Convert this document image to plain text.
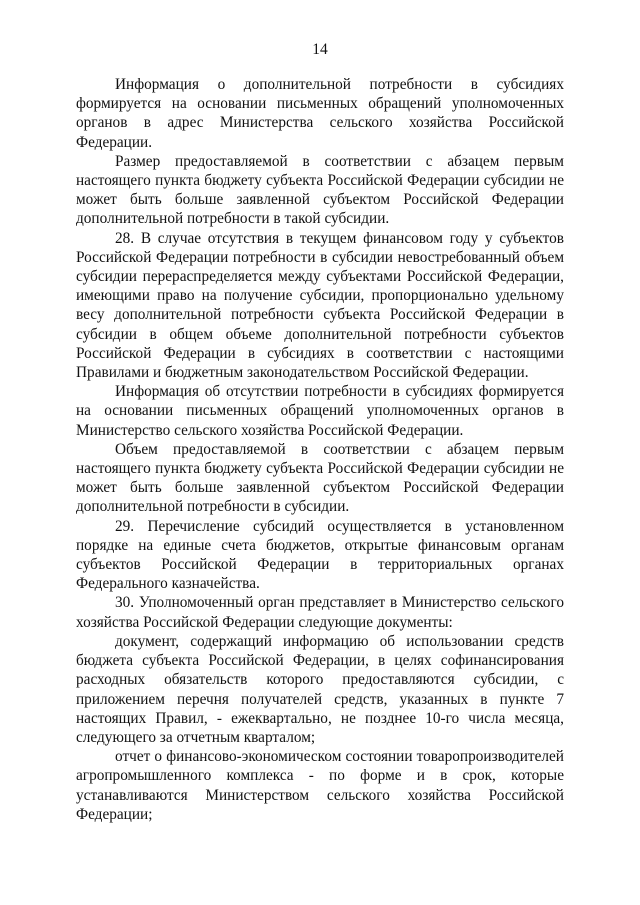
14

Информация о дополнительной потребности в субсидиях формируется на основании письменных обращений уполномоченных органов в адрес Министерства сельского хозяйства Российской Федерации.

Размер предоставляемой в соответствии с абзацем первым настоящего пункта бюджету субъекта Российской Федерации субсидии не может быть больше заявленной субъектом Российской Федерации дополнительной потребности в такой субсидии.

28. В случае отсутствия в текущем финансовом году у субъектов Российской Федерации потребности в субсидии невостребованный объем субсидии перераспределяется между субъектами Российской Федерации, имеющими право на получение субсидии, пропорционально удельному весу дополнительной потребности субъекта Российской Федерации в субсидии в общем объеме дополнительной потребности субъектов Российской Федерации в субсидиях в соответствии с настоящими Правилами и бюджетным законодательством Российской Федерации.

Информация об отсутствии потребности в субсидиях формируется на основании письменных обращений уполномоченных органов в Министерство сельского хозяйства Российской Федерации.

Объем предоставляемой в соответствии с абзацем первым настоящего пункта бюджету субъекта Российской Федерации субсидии не может быть больше заявленной субъектом Российской Федерации дополнительной потребности в субсидии.

29. Перечисление субсидий осуществляется в установленном порядке на единые счета бюджетов, открытые финансовым органам субъектов Российской Федерации в территориальных органах Федерального казначейства.

30. Уполномоченный орган представляет в Министерство сельского хозяйства Российской Федерации следующие документы:

документ, содержащий информацию об использовании средств бюджета субъекта Российской Федерации, в целях софинансирования расходных обязательств которого предоставляются субсидии, с приложением перечня получателей средств, указанных в пункте 7 настоящих Правил, - ежеквартально, не позднее 10-го числа месяца, следующего за отчетным кварталом;

отчет о финансово-экономическом состоянии товаропроизводителей агропромышленного комплекса - по форме и в срок, которые устанавливаются Министерством сельского хозяйства Российской Федерации;
